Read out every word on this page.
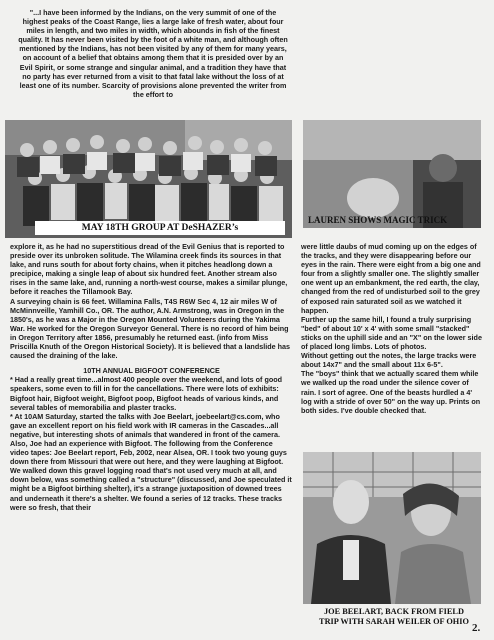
"...I have been informed by the Indians, on the very summit of one of the highest peaks of the Coast Range, lies a large lake of fresh water, about four miles in length, and two miles in width, which abounds in fish of the finest quality. It has never been visited by the foot of a white man, and although often mentioned by the Indians, has not been visited by any of them for many years, on account of a belief that obtains among them that it is presided over by an Evil Spirit, or some strange and singular animal, and a tradition they have that no party has ever returned from a visit to that fatal lake without the loss of at least one of its number. Scarcity of provisions alone prevented the writer from the effort to

MAY 18TH GROUP AT DeSHAZER’s
LAUREN SHOWS MAGIC TRICK

explore it, as he had no superstitious dread of the Evil Genius that is reported to preside over its unbroken solitude. The Wilamina creek finds its sources in that lake, and runs south for about forty chains, when it pitches headlong down a precipice, making a single leap of about six hundred feet. Another stream also rises in the same lake, and, running a north-west course, makes a similar plunge, before it reaches the Tillamook Bay.

A surveying chain is 66 feet. Willamina Falls, T4S R6W Sec 4, 12 air miles W of McMinnveille, Yamhill Co., OR. The author, A.N. Armstrong, was in Oregon in the 1850's, as he was a Major in the Oregon Mounted Volunteers during the Yakima War. He worked for the Oregon Surveyor General. There is no record of him being in Oregon Territory after 1856, presumably he returned east. (info from Miss Priscilla Knuth of the Oregon Historical Society). It is believed that a landslide has caused the draining of the lake.

10TH ANNUAL BIGFOOT CONFERENCE

* Had a really great time...almost 400 people over the weekend, and lots of good speakers, some even to fill in for the cancellations. There were lots of exhibits: Bigfoot hair, Bigfoot weight, Bigfoot poop, Bigfoot heads of various kinds, and several tables of memorabilia and plaster tracks.

* At 10AM Saturday, started the talks with Joe Beelart, joebeelart@cs.com, who gave an excellent report on his field work with IR cameras in the Cascades...all negative, but interesting shots of animals that wandered in front of the camera.

Also, Joe had an experience with Bigfoot. The following from the Conference video tapes: Joe Beelart report, Feb, 2002, near Alsea, OR. I took two young guys down there from Missouri that were out here, and they were laughing at Bigfoot. We walked down this gravel logging road that's not used very much at all, and down below, was something called a "structure" (discussed, and Joe speculated it might be a Bigfoot birthing shelter), it's a strange juxtaposition of downed trees and underneath it there's a shelter. We found a series of 12 tracks. These tracks were so fresh, that their

were little daubs of mud coming up on the edges of the tracks, and they were disappearing before our eyes in the rain. There were eight from a big one and four from a slightly smaller one. The slightly smaller one went up an embankment, the red earth, the clay, changed from the red of undisturbed soil to the grey of exposed rain saturated soil as we watched it happen.

Further up the same hill, I found a truly surprising "bed" of about 10' x 4' with some small "stacked" sticks on the uphill side and an "X" on the lower side of placed long limbs. Lots of photos.

Without getting out the notes, the large tracks were about 14x7" and the small about 11x 6-5".

The "boys" think that we actually scared them while we walked up the road under the silence cover of rain. I sort of agree. One of the beasts hurdled a 4' log with a stride of over 50" on the way up. Prints on both sides. I've double checked that.

JOE BEELART, BACK FROM FIELD
TRIP WITH SARAH WEILER OF OHIO
2.
